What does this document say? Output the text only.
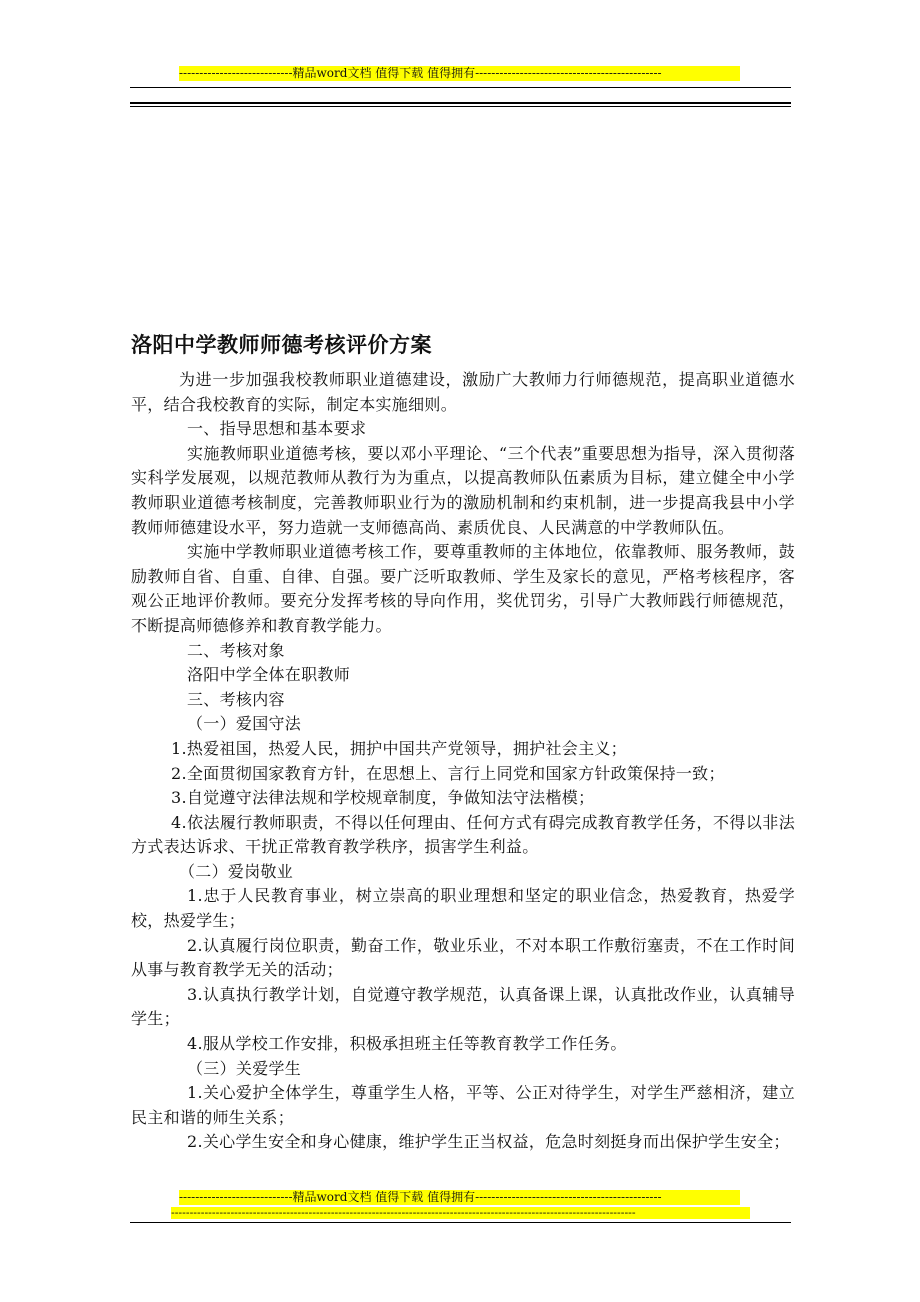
----------------------------精品word文档 值得下载 值得拥有----------------------------------------------

洛阳中学教师师德考核评价方案

为进一步加强我校教师职业道德建设，激励广大教师力行师德规范，提高职业道德水平，结合我校教育的实际，制定本实施细则。

一、指导思想和基本要求

实施教师职业道德考核，要以邓小平理论、“三个代表”重要思想为指导，深入贯彻落实科学发展观，以规范教师从教行为为重点，以提高教师队伍素质为目标，建立健全中小学教师职业道德考核制度，完善教师职业行为的激励机制和约束机制，进一步提高我县中小学教师师德建设水平，努力造就一支师德高尚、素质优良、人民满意的中学教师队伍。

实施中学教师职业道德考核工作，要尊重教师的主体地位，依靠教师、服务教师，鼓励教师自省、自重、自律、自强。要广泛听取教师、学生及家长的意见，严格考核程序，客观公正地评价教师。要充分发挥考核的导向作用，奖优罚劣，引导广大教师践行师德规范，不断提高师德修养和教育教学能力。

二、考核对象

洛阳中学全体在职教师

三、考核内容

（一）爱国守法

1.热爱祖国，热爱人民，拥护中国共产党领导，拥护社会主义；

2.全面贯彻国家教育方针，在思想上、言行上同党和国家方针政策保持一致；

3.自觉遵守法律法规和学校规章制度，争做知法守法楷模；

4.依法履行教师职责，不得以任何理由、任何方式有碍完成教育教学任务，不得以非法方式表达诉求、干扰正常教育教学秩序，损害学生利益。

（二）爱岗敬业

1.忠于人民教育事业，树立崇高的职业理想和坚定的职业信念，热爱教育，热爱学校，热爱学生；

2.认真履行岗位职责，勤奋工作，敬业乐业，不对本职工作敷衍塞责，不在工作时间从事与教育教学无关的活动；

3.认真执行教学计划，自觉遵守教学规范，认真备课上课，认真批改作业，认真辅导学生；

4.服从学校工作安排，积极承担班主任等教育教学工作任务。

（三）关爱学生

1.关心爱护全体学生，尊重学生人格，平等、公正对待学生，对学生严慈相济，建立民主和谐的师生关系；

2.关心学生安全和身心健康，维护学生正当权益，危急时刻挺身而出保护学生安全；

----------------------------精品word文档 值得下载 值得拥有----------------------------------------------
-----------------------------------------------------------------------------------------------------------------------------
